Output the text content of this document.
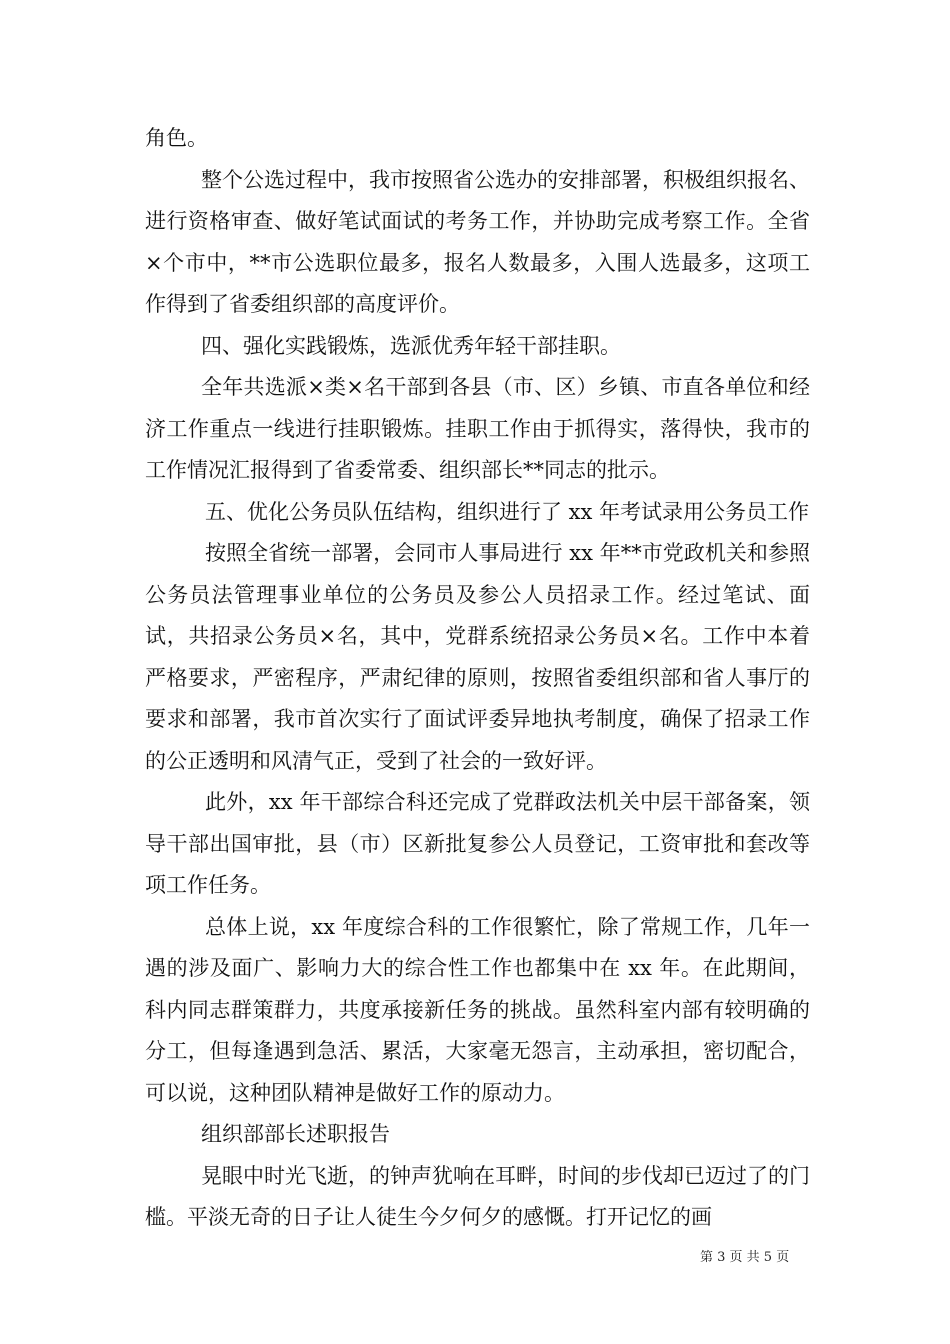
角色。

整个公选过程中，我市按照省公选办的安排部署，积极组织报名、进行资格审查、做好笔试面试的考务工作，并协助完成考察工作。全省×个市中，**市公选职位最多，报名人数最多，入围人选最多，这项工作得到了省委组织部的高度评价。

四、强化实践锻炼，选派优秀年轻干部挂职。

全年共选派×类×名干部到各县（市、区）乡镇、市直各单位和经济工作重点一线进行挂职锻炼。挂职工作由于抓得实，落得快，我市的工作情况汇报得到了省委常委、组织部长**同志的批示。

五、优化公务员队伍结构，组织进行了 xx 年考试录用公务员工作

按照全省统一部署，会同市人事局进行 xx 年**市党政机关和参照公务员法管理事业单位的公务员及参公人员招录工作。经过笔试、面试，共招录公务员×名，其中，党群系统招录公务员×名。工作中本着严格要求，严密程序，严肃纪律的原则，按照省委组织部和省人事厅的要求和部署，我市首次实行了面试评委异地执考制度，确保了招录工作的公正透明和风清气正，受到了社会的一致好评。

此外，xx 年干部综合科还完成了党群政法机关中层干部备案，领导干部出国审批，县（市）区新批复参公人员登记，工资审批和套改等项工作任务。

总体上说，xx 年度综合科的工作很繁忙，除了常规工作，几年一遇的涉及面广、影响力大的综合性工作也都集中在 xx 年。在此期间，科内同志群策群力，共度承接新任务的挑战。虽然科室内部有较明确的分工，但每逢遇到急活、累活，大家毫无怨言，主动承担，密切配合，可以说，这种团队精神是做好工作的原动力。

组织部部长述职报告

晃眼中时光飞逝，的钟声犹响在耳畔，时间的步伐却已迈过了的门槛。平淡无奇的日子让人徒生今夕何夕的感慨。打开记忆的画

第 3 页 共 5 页
